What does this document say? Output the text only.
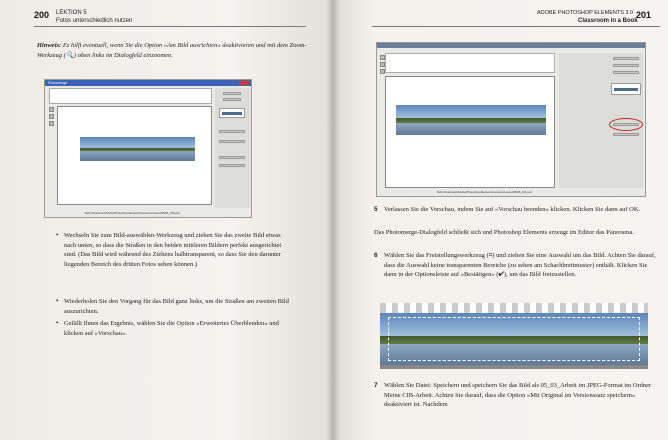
200 LEKTION 5
Fotos unterschiedlich nutzen
Hinweis: Es hilft eventuell, wenn Sie die Option »Am Bild ausrichten« deaktivieren und mit dem Zoom-Werkzeug (🔍) oben links im Dialogfeld einzoomen.
Photomerge
MAC-Dokument/Adobe/Photoshop Elements/Lessons/Lesson05/05_01b.psd
• Wechseln Sie zum Bild-auswählen-Werkzeug und ziehen Sie das zweite Bild etwas nach unten, so dass die Straßen in den beiden mittleren Bildern perfekt ausgerichtet sind. (Das Bild wird während des Ziehens halbtransparent, so dass Sie den darunter liegenden Bereich des dritten Fotos sehen können.)
• Wiederholen Sie den Vorgang für das Bild ganz links, um die Straßen am zweiten Bild auszurichten.
• Gefällt Ihnen das Ergebnis, wählen Sie die Option »Erweitertes Überblenden« und klicken auf »Vorschau«.
ADOBE PHOTOSHOP ELEMENTS 3.0 201
Classroom in a Book
MAC-Dokument/Adobe/Photoshop Elements/Lessons/Lesson05/05_01b.psd
5 Verlassen Sie die Vorschau, indem Sie auf »Vorschau beenden« klicken. Klicken Sie dann auf OK.
Das Photomerge-Dialogfeld schließt sich und Photoshop Elements erzeugt im Editor das Panorama.
6 Wählen Sie das Freistellungswerkzeug (⌗) und ziehen Sie eine Auswahl um das Bild. Achten Sie darauf, dass die Auswahl keine transparenten Bereiche (zu sehen am Schachbrettmuster) enthält. Klicken Sie dann in der Optionsleiste auf »Bestätigen« (✔), um das Bild freizustellen.
7 Wählen Sie Datei: Speichern und speichern Sie das Bild als 05_03_Arbeit im JPEG-Format im Ordner Meine CIB-Arbeit. Achten Sie darauf, dass die Option »Mit Original im Versionssatz speichern« deaktiviert ist. Nachdem
